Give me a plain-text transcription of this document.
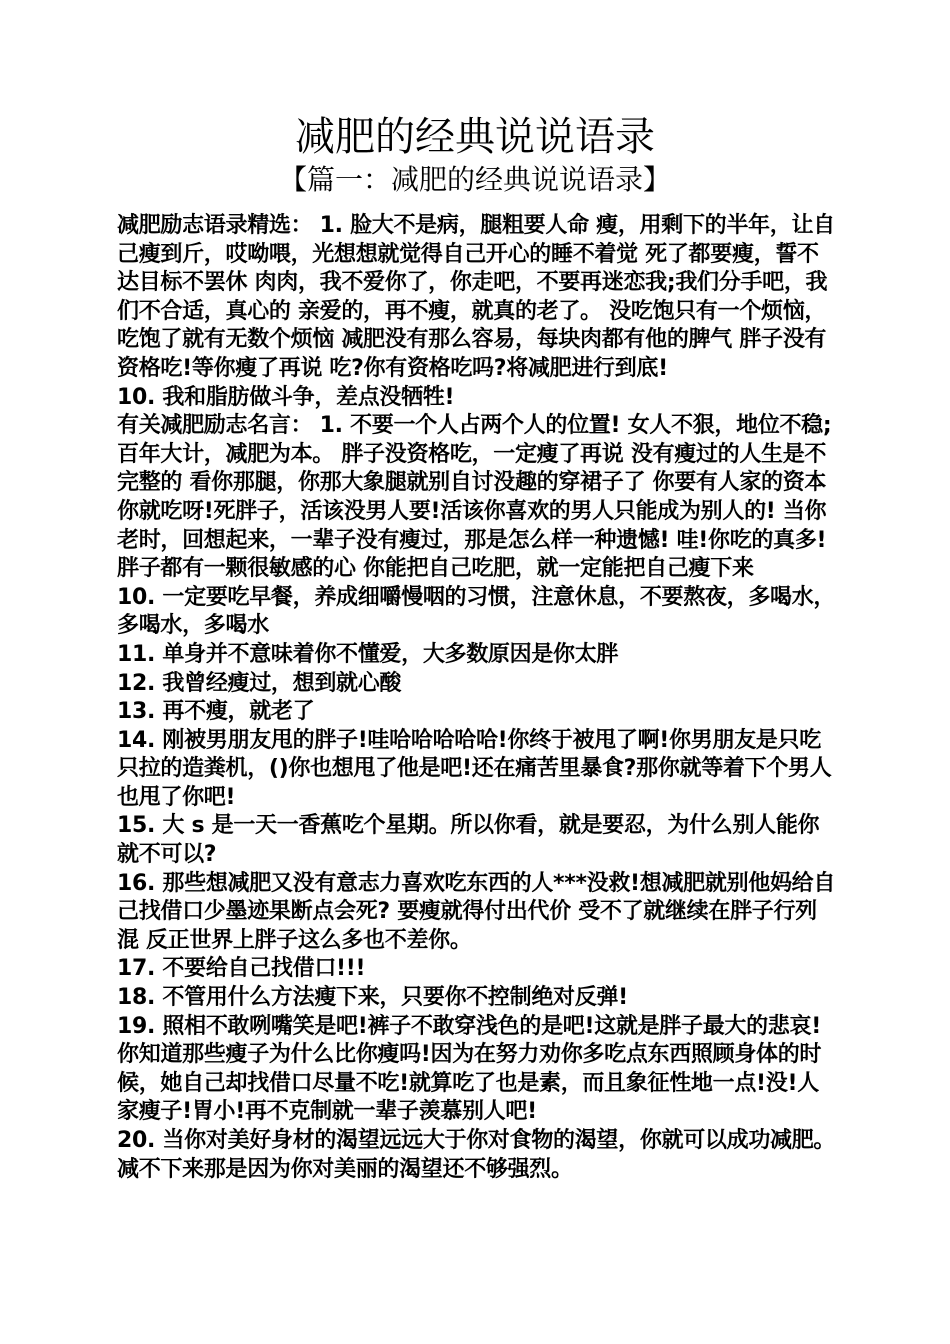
减肥的经典说说语录
【篇一：减肥的经典说说语录】

减肥励志语录精选： 1. 脸大不是病，腿粗要人命 瘦，用剩下的半年，让自己瘦到斤，哎呦喂，光想想就觉得自己开心的睡不着觉 死了都要瘦，誓不达目标不罢休 肉肉，我不爱你了，你走吧，不要再迷恋我;我们分手吧，我们不合适，真心的 亲爱的，再不瘦，就真的老了。 没吃饱只有一个烦恼，吃饱了就有无数个烦恼 减肥没有那么容易，每块肉都有他的脾气 胖子没有资格吃!等你瘦了再说 吃?你有资格吃吗?将减肥进行到底!

10. 我和脂肪做斗争，差点没牺牲!

有关减肥励志名言： 1. 不要一个人占两个人的位置! 女人不狠，地位不稳;百年大计，减肥为本。 胖子没资格吃，一定瘦了再说 没有瘦过的人生是不完整的 看你那腿，你那大象腿就别自讨没趣的穿裙子了 你要有人家的资本你就吃呀!死胖子，活该没男人要!活该你喜欢的男人只能成为别人的! 当你老时，回想起来，一辈子没有瘦过，那是怎么样一种遗憾! 哇!你吃的真多!胖子都有一颗很敏感的心 你能把自己吃肥，就一定能把自己瘦下来

10. 一定要吃早餐，养成细嚼慢咽的习惯，注意休息，不要熬夜，多喝水，多喝水，多喝水

11. 单身并不意味着你不懂爱，大多数原因是你太胖

12. 我曾经瘦过，想到就心酸

13. 再不瘦，就老了

14. 刚被男朋友甩的胖子!哇哈哈哈哈哈!你终于被甩了啊!你男朋友是只吃只拉的造粪机，()你也想甩了他是吧!还在痛苦里暴食?那你就等着下个男人也甩了你吧!

15. 大 s 是一天一香蕉吃个星期。所以你看，就是要忍，为什么别人能你就不可以?

16. 那些想减肥又没有意志力喜欢吃东西的人***没救!想减肥就别他妈给自己找借口少墨迹果断点会死? 要瘦就得付出代价 受不了就继续在胖子行列混 反正世界上胖子这么多也不差你。

17. 不要给自己找借口!!!

18. 不管用什么方法瘦下来，只要你不控制绝对反弹!

19. 照相不敢咧嘴笑是吧!裤子不敢穿浅色的是吧!这就是胖子最大的悲哀!你知道那些瘦子为什么比你瘦吗!因为在努力劝你多吃点东西照顾身体的时候，她自己却找借口尽量不吃!就算吃了也是素，而且象征性地一点!没!人家瘦子!胃小!再不克制就一辈子羡慕别人吧!

20. 当你对美好身材的渴望远远大于你对食物的渴望，你就可以成功减肥。减不下来那是因为你对美丽的渴望还不够强烈。
